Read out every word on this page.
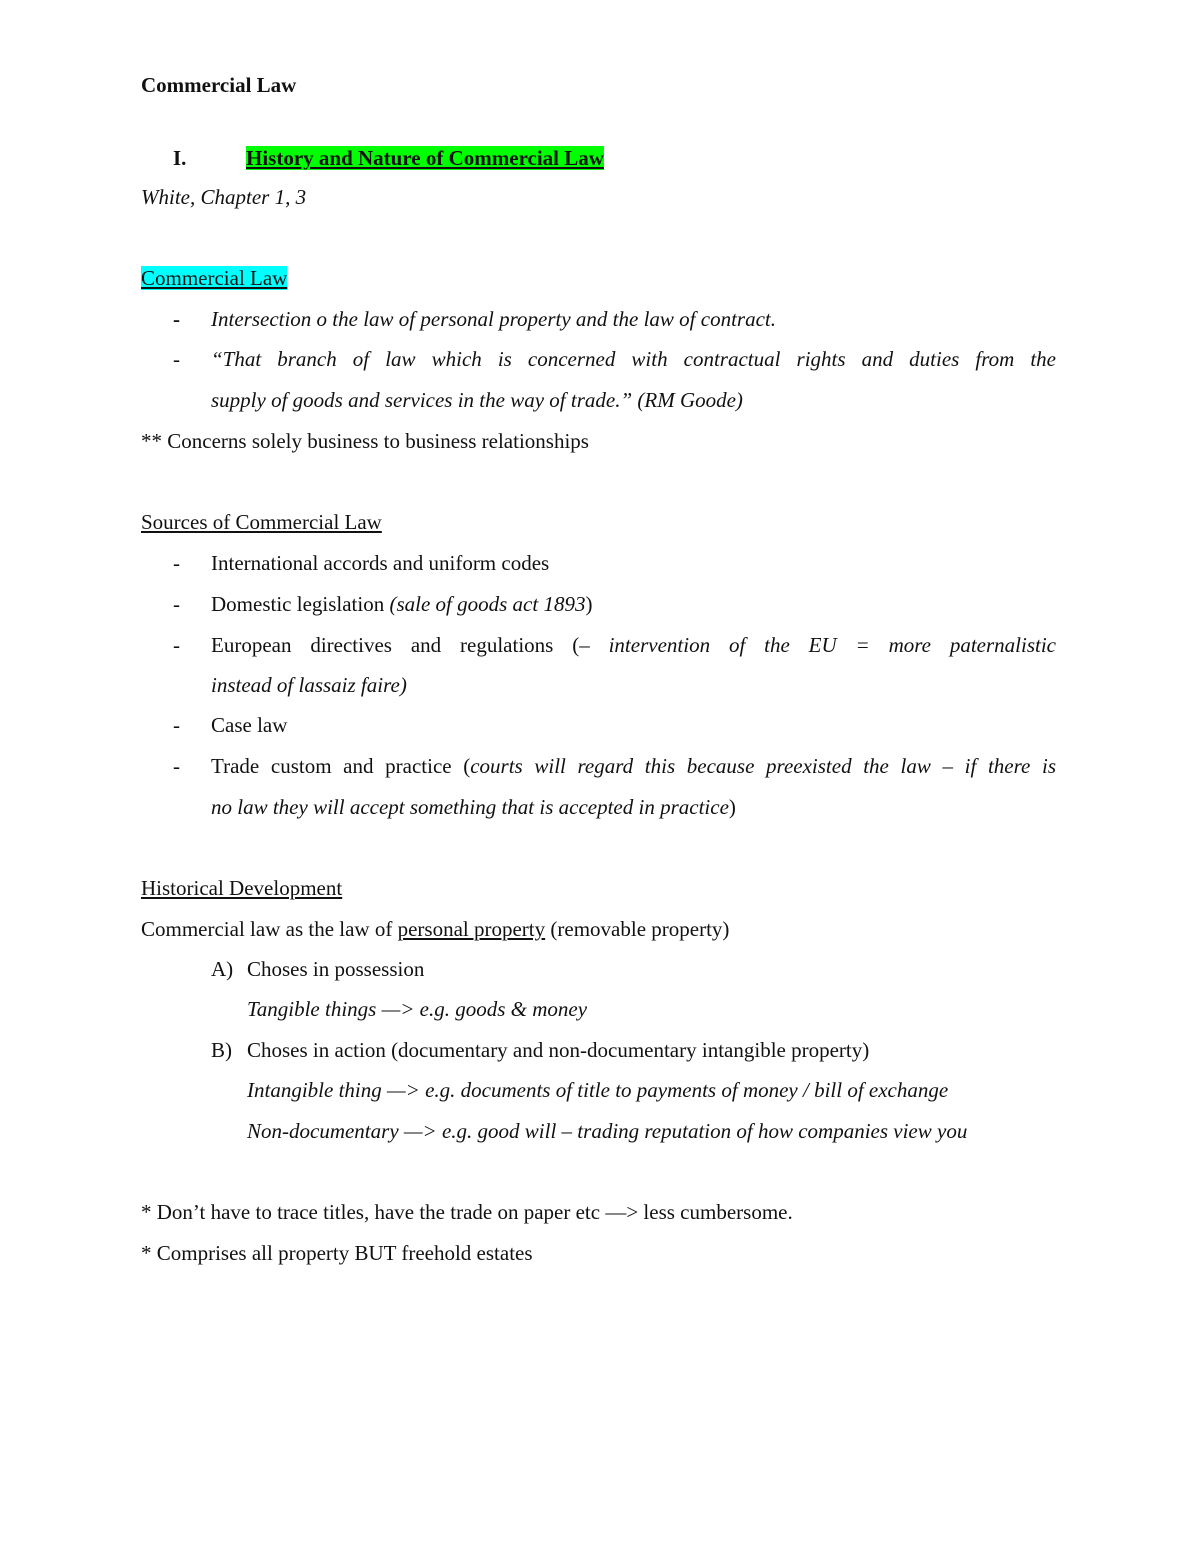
Commercial Law
I.	History and Nature of Commercial Law
White, Chapter 1, 3
Commercial Law
- Intersection o the law of personal property and the law of contract.
- “That branch of law which is concerned with contractual rights and duties from the
supply of goods and services in the way of trade.” (RM Goode)
** Concerns solely business to business relationships
Sources of Commercial Law
- International accords and uniform codes
- Domestic legislation (sale of goods act 1893)
- European directives and regulations (– intervention of the EU = more paternalistic
instead of lassaiz faire)
- Case law
- Trade custom and practice (courts will regard this because preexisted the law – if there is
no law they will accept something that is accepted in practice)
Historical Development
Commercial law as the law of personal property (removable property)
A) Choses in possession
Tangible things —> e.g. goods & money
B) Choses in action (documentary and non-documentary intangible property)
Intangible thing —> e.g. documents of title to payments of money / bill of exchange
Non-documentary —> e.g. good will – trading reputation of how companies view you
* Don’t have to trace titles, have the trade on paper etc —> less cumbersome.
* Comprises all property BUT freehold estates
